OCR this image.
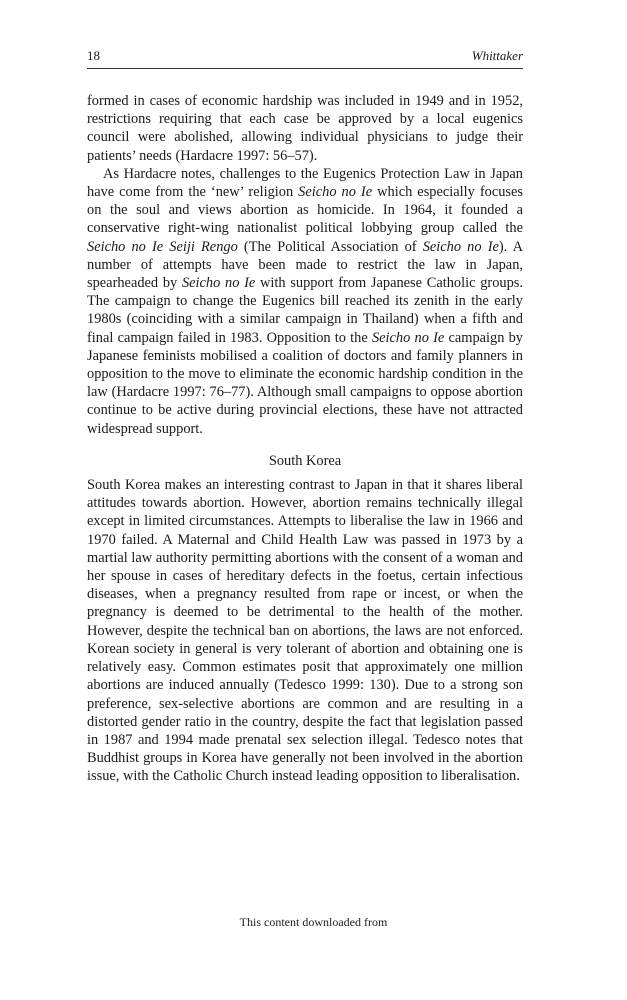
18	Whittaker

formed in cases of economic hardship was included in 1949 and in 1952, restrictions requiring that each case be approved by a local eugenics council were abolished, allowing individual physicians to judge their patients’ needs (Hardacre 1997: 56–57).

As Hardacre notes, challenges to the Eugenics Protection Law in Japan have come from the ‘new’ religion Seicho no Ie which especially focuses on the soul and views abortion as homicide. In 1964, it founded a conservative right-wing nationalist political lobbying group called the Seicho no Ie Seiji Rengo (The Political Association of Seicho no Ie). A number of attempts have been made to restrict the law in Japan, spearheaded by Seicho no Ie with support from Japanese Catholic groups. The campaign to change the Eugenics bill reached its zenith in the early 1980s (coinciding with a similar campaign in Thailand) when a fifth and final campaign failed in 1983. Opposition to the Seicho no Ie campaign by Japanese feminists mobilised a coalition of doctors and family planners in opposition to the move to eliminate the economic hardship condition in the law (Hardacre 1997: 76–77). Although small campaigns to oppose abortion continue to be active during provincial elections, these have not attracted widespread support.

South Korea

South Korea makes an interesting contrast to Japan in that it shares liberal attitudes towards abortion. However, abortion remains technically illegal except in limited circumstances. Attempts to liberalise the law in 1966 and 1970 failed. A Maternal and Child Health Law was passed in 1973 by a martial law authority permitting abortions with the consent of a woman and her spouse in cases of hereditary defects in the foetus, certain infectious diseases, when a pregnancy resulted from rape or incest, or when the pregnancy is deemed to be detrimental to the health of the mother. However, despite the technical ban on abortions, the laws are not enforced. Korean society in general is very tolerant of abortion and obtaining one is relatively easy. Common estimates posit that approximately one million abortions are induced annually (Tedesco 1999: 130). Due to a strong son preference, sex-selective abortions are common and are resulting in a distorted gender ratio in the country, despite the fact that legislation passed in 1987 and 1994 made prenatal sex selection illegal. Tedesco notes that Buddhist groups in Korea have generally not been involved in the abortion issue, with the Catholic Church instead leading opposition to liberalisation.

This content downloaded from
